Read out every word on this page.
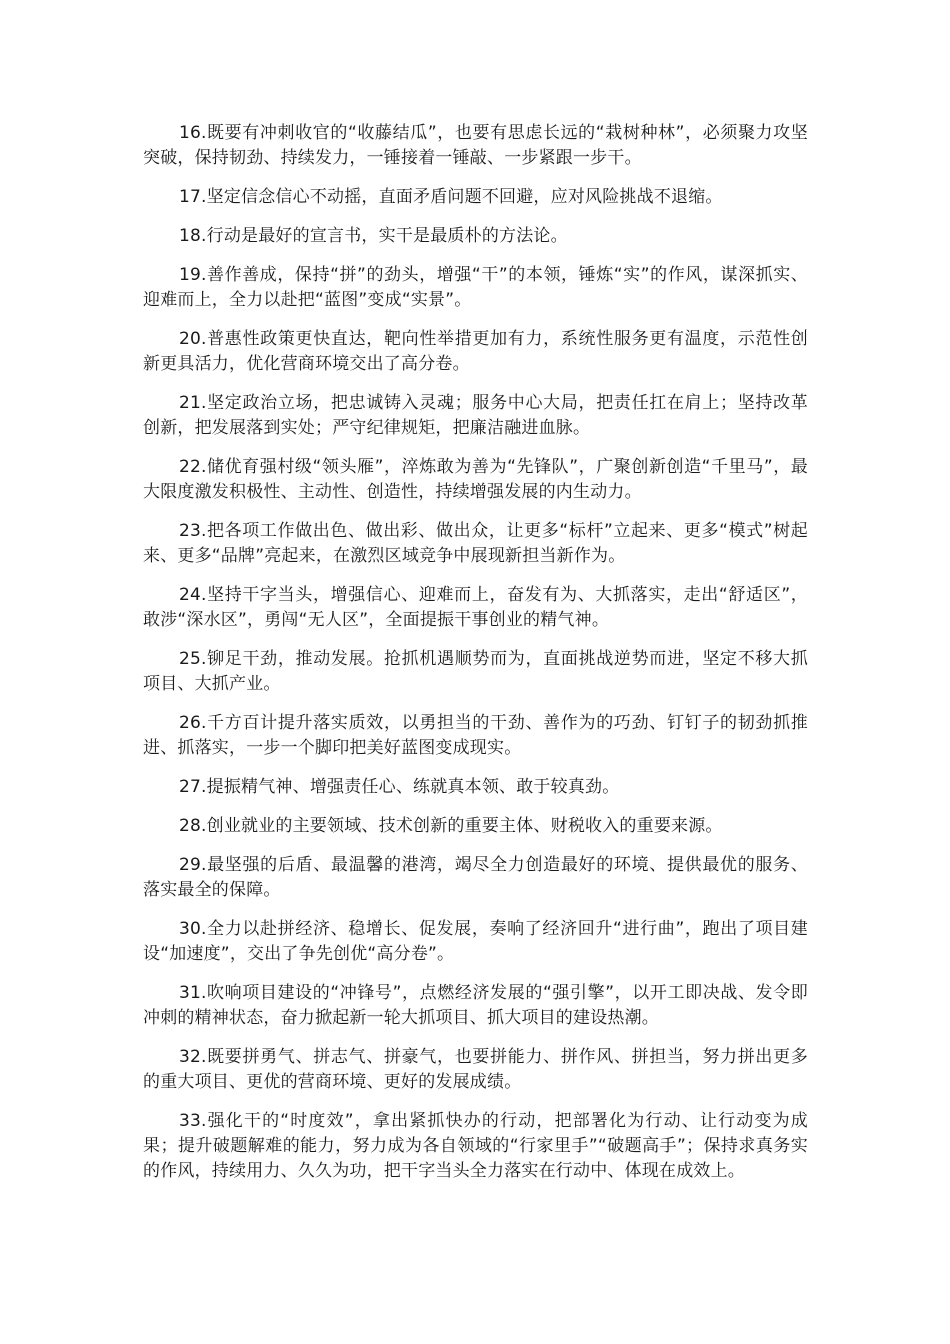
16.既要有冲刺收官的“收藤结瓜”，也要有思虑长远的“栽树种林”，必须聚力攻坚突破，保持韧劲、持续发力，一锤接着一锤敲、一步紧跟一步干。

17.坚定信念信心不动摇，直面矛盾问题不回避，应对风险挑战不退缩。

18.行动是最好的宣言书，实干是最质朴的方法论。

19.善作善成，保持“拼”的劲头，增强“干”的本领，锤炼“实”的作风，谋深抓实、迎难而上，全力以赴把“蓝图”变成“实景”。

20.普惠性政策更快直达，靶向性举措更加有力，系统性服务更有温度，示范性创新更具活力，优化营商环境交出了高分卷。

21.坚定政治立场，把忠诚铸入灵魂；服务中心大局，把责任扛在肩上；坚持改革创新，把发展落到实处；严守纪律规矩，把廉洁融进血脉。

22.储优育强村级“领头雁”，淬炼敢为善为“先锋队”，广聚创新创造“千里马”，最大限度激发积极性、主动性、创造性，持续增强发展的内生动力。

23.把各项工作做出色、做出彩、做出众，让更多“标杆”立起来、更多“模式”树起来、更多“品牌”亮起来，在激烈区域竞争中展现新担当新作为。

24.坚持干字当头，增强信心、迎难而上，奋发有为、大抓落实，走出“舒适区”，敢涉“深水区”，勇闯“无人区”，全面提振干事创业的精气神。

25.铆足干劲，推动发展。抢抓机遇顺势而为，直面挑战逆势而进，坚定不移大抓项目、大抓产业。

26.千方百计提升落实质效，以勇担当的干劲、善作为的巧劲、钉钉子的韧劲抓推进、抓落实，一步一个脚印把美好蓝图变成现实。

27.提振精气神、增强责任心、练就真本领、敢于较真劲。

28.创业就业的主要领域、技术创新的重要主体、财税收入的重要来源。

29.最坚强的后盾、最温馨的港湾，竭尽全力创造最好的环境、提供最优的服务、落实最全的保障。

30.全力以赴拼经济、稳增长、促发展，奏响了经济回升“进行曲”，跑出了项目建设“加速度”，交出了争先创优“高分卷”。

31.吹响项目建设的“冲锋号”，点燃经济发展的“强引擎”，以开工即决战、发令即冲刺的精神状态，奋力掀起新一轮大抓项目、抓大项目的建设热潮。

32.既要拼勇气、拼志气、拼豪气，也要拼能力、拼作风、拼担当，努力拼出更多的重大项目、更优的营商环境、更好的发展成绩。

33.强化干的“时度效”，拿出紧抓快办的行动，把部署化为行动、让行动变为成果；提升破题解难的能力，努力成为各自领域的“行家里手”“破题高手”；保持求真务实的作风，持续用力、久久为功，把干字当头全力落实在行动中、体现在成效上。
